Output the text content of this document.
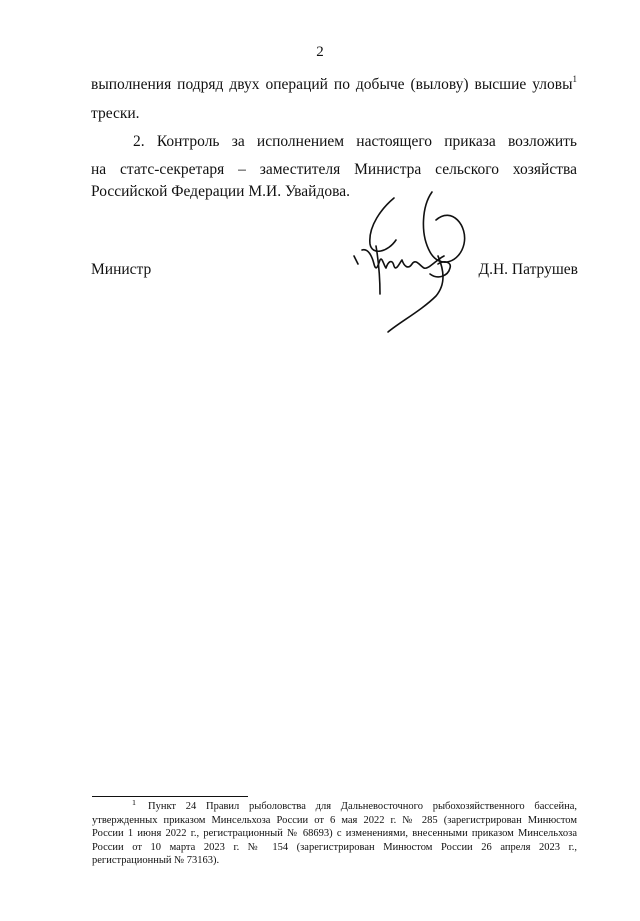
2
выполнения подряд двух операций по добыче (вылову) высшие уловы$^1$
трески.
2. Контроль за исполнением настоящего приказа возложить
на статс-секретаря – заместителя Министра сельского хозяйства
Российской Федерации М.И. Увайдова.
Министр	Д.Н. Патрушев
$^1$ Пункт 24 Правил рыболовства для Дальневосточного рыбохозяйственного бассейна,
утвержденных приказом Минсельхоза России от 6 мая 2022 г. № 285 (зарегистрирован Минюстом
России 1 июня 2022 г., регистрационный № 68693) с изменениями, внесенными приказом Минсельхоза
России от 10 марта 2023 г. № 154 (зарегистрирован Минюстом России 26 апреля 2023 г.,
регистрационный № 73163).
